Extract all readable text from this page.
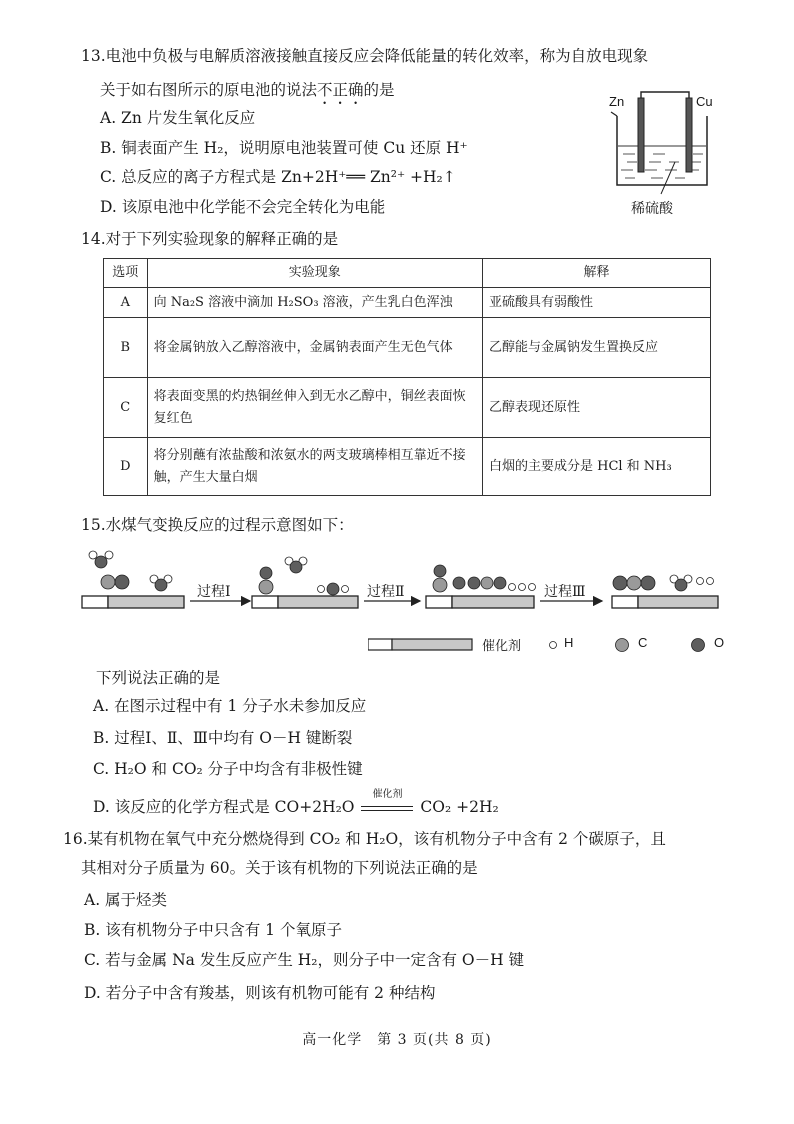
13.电池中负极与电解质溶液接触直接反应会降低能量的转化效率，称为自放电现象
关于如右图所示的原电池的说法不正确的是
A. Zn 片发生氧化反应
B. 铜表面产生 H₂，说明原电池装置可使 Cu 还原 H⁺
C. 总反应的离子方程式是 Zn+2H⁺══ Zn²⁺ +H₂↑
D. 该原电池中化学能不会完全转化为电能
Zn	Cu
稀硫酸
14.对于下列实验现象的解释正确的是
选项	实验现象	解释
A	向 Na₂S 溶液中滴加 H₂SO₃ 溶液，产生乳白色浑浊	亚硫酸具有弱酸性
B	将金属钠放入乙醇溶液中，金属钠表面产生无色气体	乙醇能与金属钠发生置换反应
C	将表面变黑的灼热铜丝伸入到无水乙醇中，铜丝表面恢复红色	乙醇表现还原性
D	将分别蘸有浓盐酸和浓氨水的两支玻璃棒相互靠近不接触，产生大量白烟	白烟的主要成分是 HCl 和 NH₃
15.水煤气变换反应的过程示意图如下：
过程Ⅰ	过程Ⅱ	过程Ⅲ
催化剂	H	C	O
下列说法正确的是
A. 在图示过程中有 1 分子水未参加反应
B. 过程Ⅰ、Ⅱ、Ⅲ中均有 O－H 键断裂
C. H₂O 和 CO₂ 分子中均含有非极性键
D. 该反应的化学方程式是 CO+2H₂O
催化剂
CO₂ +2H₂
16.某有机物在氧气中充分燃烧得到 CO₂ 和 H₂O，该有机物分子中含有 2 个碳原子，且
其相对分子质量为 60。关于该有机物的下列说法正确的是
A. 属于烃类
B. 该有机物分子中只含有 1 个氧原子
C. 若与金属 Na 发生反应产生 H₂，则分子中一定含有 O－H 键
D. 若分子中含有羧基，则该有机物可能有 2 种结构
高一化学　第 3 页(共 8 页)
